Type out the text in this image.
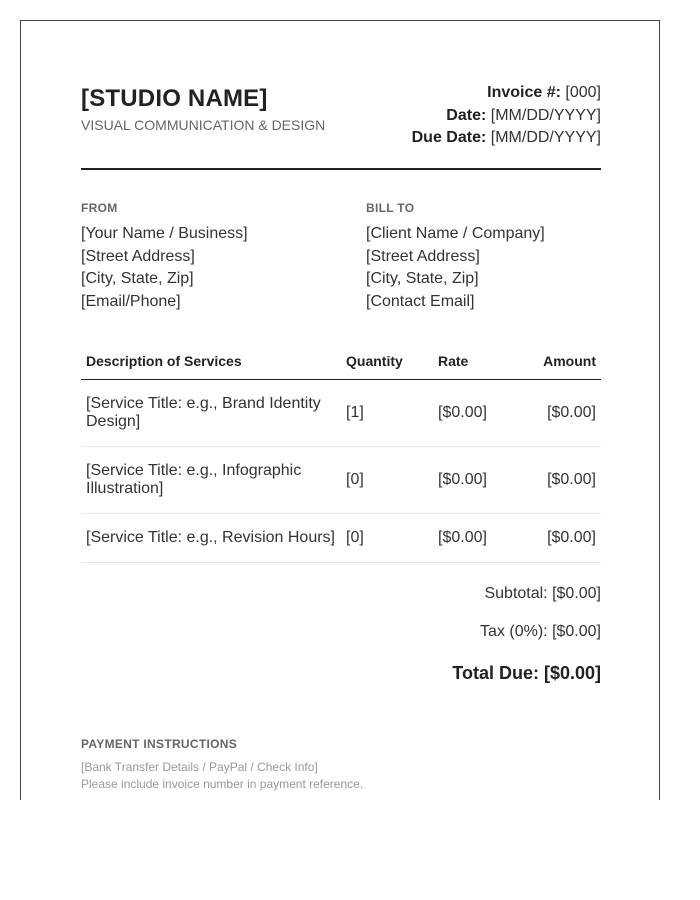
[STUDIO NAME]
VISUAL COMMUNICATION & DESIGN
Invoice #: [000]
Date: [MM/DD/YYYY]
Due Date: [MM/DD/YYYY]
FROM
[Your Name / Business]
[Street Address]
[City, State, Zip]
[Email/Phone]
BILL TO
[Client Name / Company]
[Street Address]
[City, State, Zip]
[Contact Email]
Description of Services	Quantity	Rate	Amount
[Service Title: e.g., Brand Identity Design]	[1]	[$0.00]	[$0.00]
[Service Title: e.g., Infographic Illustration]	[0]	[$0.00]	[$0.00]
[Service Title: e.g., Revision Hours]	[0]	[$0.00]	[$0.00]
Subtotal: [$0.00]
Tax (0%): [$0.00]
Total Due: [$0.00]
PAYMENT INSTRUCTIONS
[Bank Transfer Details / PayPal / Check Info]
Please include invoice number in payment reference.
